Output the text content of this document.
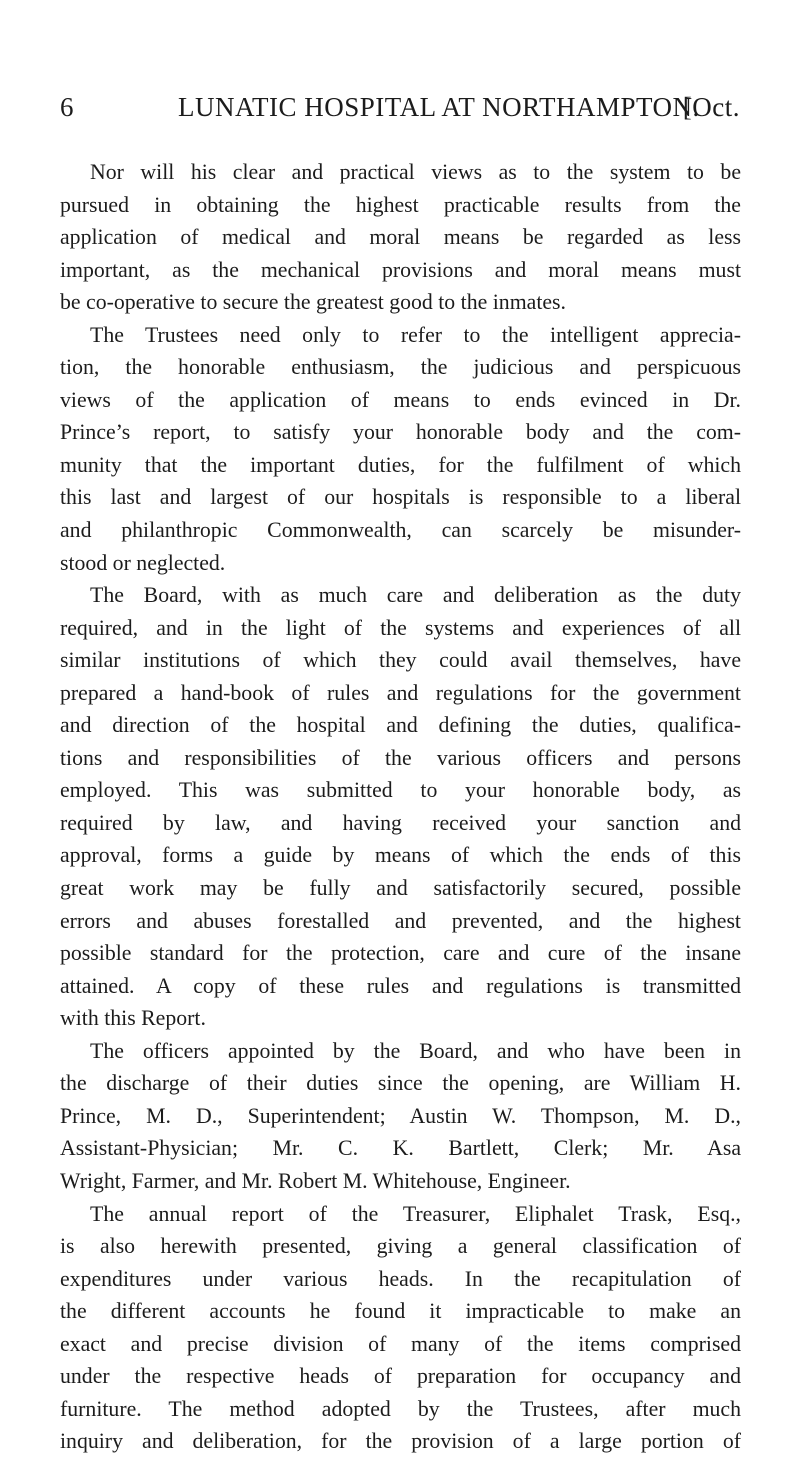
6	LUNATIC HOSPITAL AT NORTHAMPTON.
[Oct.

Nor will his clear and practical views as to the system to be
pursued in obtaining the highest practicable results from the
application of medical and moral means be regarded as less
important, as the mechanical provisions and moral means must
be co-operative to secure the greatest good to the inmates.

The Trustees need only to refer to the intelligent apprecia-
tion, the honorable enthusiasm, the judicious and perspicuous
views of the application of means to ends evinced in Dr.
Prince’s report, to satisfy your honorable body and the com-
munity that the important duties, for the fulfilment of which
this last and largest of our hospitals is responsible to a liberal
and philanthropic Commonwealth, can scarcely be misunder-
stood or neglected.

The Board, with as much care and deliberation as the duty
required, and in the light of the systems and experiences of all
similar institutions of which they could avail themselves, have
prepared a hand-book of rules and regulations for the government
and direction of the hospital and defining the duties, qualifica-
tions and responsibilities of the various officers and persons
employed. This was submitted to your honorable body, as
required by law, and having received your sanction and
approval, forms a guide by means of which the ends of this
great work may be fully and satisfactorily secured, possible
errors and abuses forestalled and prevented, and the highest
possible standard for the protection, care and cure of the insane
attained. A copy of these rules and regulations is transmitted
with this Report.

The officers appointed by the Board, and who have been in
the discharge of their duties since the opening, are William H.
Prince, M. D., Superintendent; Austin W. Thompson, M. D.,
Assistant-Physician; Mr. C. K. Bartlett, Clerk; Mr. Asa
Wright, Farmer, and Mr. Robert M. Whitehouse, Engineer.

The annual report of the Treasurer, Eliphalet Trask, Esq.,
is also herewith presented, giving a general classification of
expenditures under various heads. In the recapitulation of
the different accounts he found it impracticable to make an
exact and precise division of many of the items comprised
under the respective heads of preparation for occupancy and
furniture. The method adopted by the Trustees, after much
inquiry and deliberation, for the provision of a large portion of
